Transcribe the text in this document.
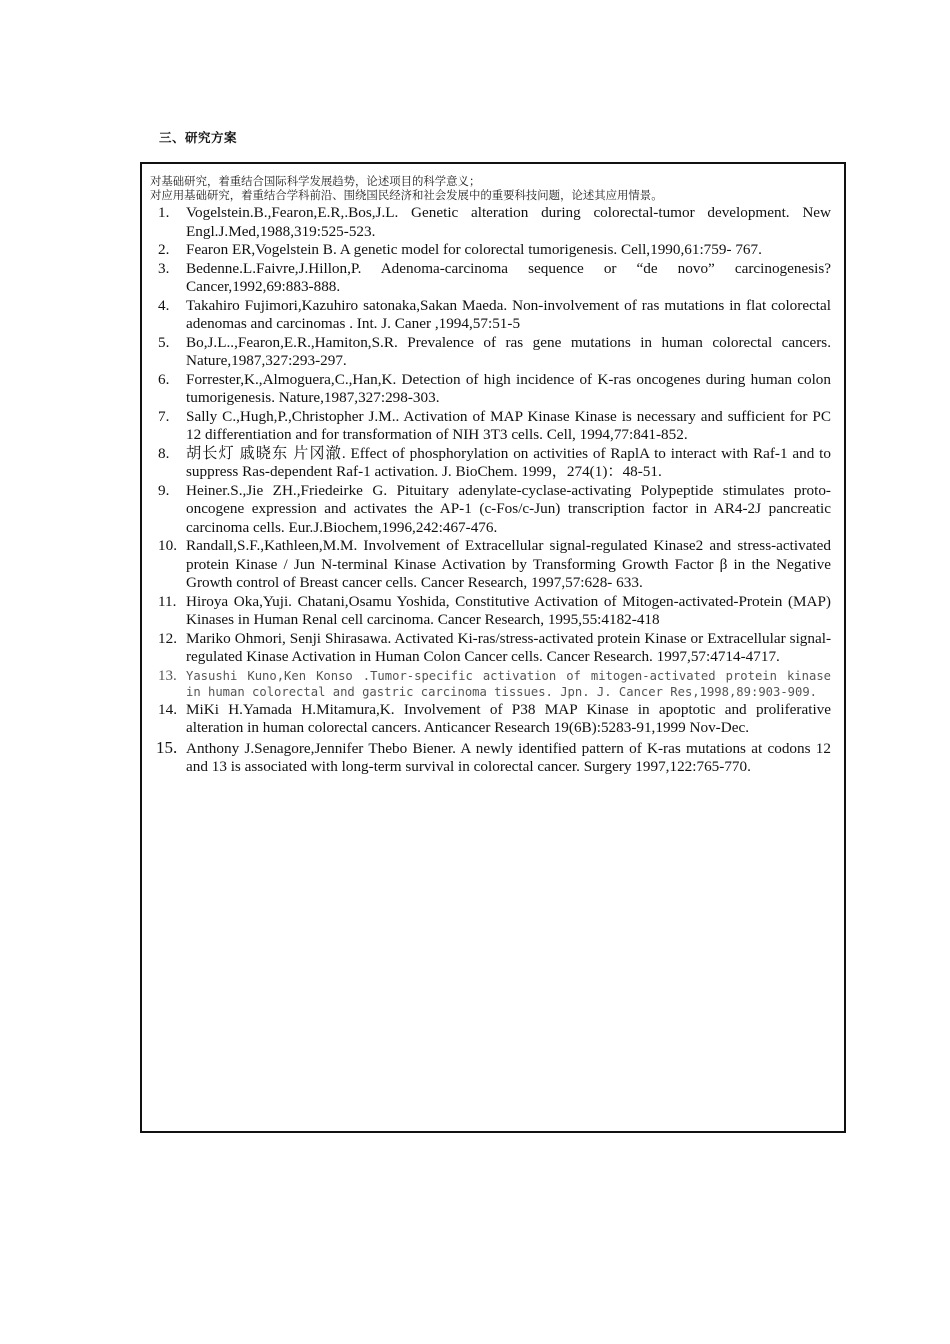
三、研究方案
对基础研究，着重结合国际科学发展趋势，论述项目的科学意义；
对应用基础研究，着重结合学科前沿、围绕国民经济和社会发展中的重要科技问题，论述其应用情景。
1. Vogelstein.B.,Fearon,E.R,.Bos,J.L. Genetic alteration during colorectal-tumor development. New Engl.J.Med,1988,319:525-523.
2. Fearon ER,Vogelstein B. A genetic model for colorectal tumorigenesis. Cell,1990,61:759- 767.
3. Bedenne.L.Faivre,J.Hillon,P. Adenoma-carcinoma sequence or “de novo” carcinogenesis? Cancer,1992,69:883-888.
4. Takahiro Fujimori,Kazuhiro satonaka,Sakan Maeda. Non-involvement of ras mutations in flat colorectal adenomas and carcinomas . Int. J. Caner ,1994,57:51-5
5. Bo,J.L..,Fearon,E.R.,Hamiton,S.R. Prevalence of ras gene mutations in human colorectal cancers. Nature,1987,327:293-297.
6. Forrester,K.,Almoguera,C.,Han,K. Detection of high incidence of K-ras oncogenes during human colon tumorigenesis. Nature,1987,327:298-303.
7. Sally C.,Hugh,P.,Christopher J.M.. Activation of MAP Kinase Kinase is necessary and sufficient for PC 12 differentiation and for transformation of NIH 3T3 cells. Cell, 1994,77:841-852.
8. 胡长灯 戚晓东 片冈澈. Effect of phosphorylation on activities of RaplA to interact with Raf-1 and to suppress Ras-dependent Raf-1 activation. J. BioChem. 1999，274(1)：48-51.
9. Heiner.S.,Jie ZH.,Friedeirke G. Pituitary adenylate-cyclase-activating Polypeptide stimulates proto-oncogene expression and activates the AP-1 (c-Fos/c-Jun) transcription factor in AR4-2J pancreatic carcinoma cells. Eur.J.Biochem,1996,242:467-476.
10. Randall,S.F.,Kathleen,M.M. Involvement of Extracellular signal-regulated Kinase2 and stress-activated protein Kinase / Jun N-terminal Kinase Activation by Transforming Growth Factor β in the Negative Growth control of Breast cancer cells. Cancer Research, 1997,57:628- 633.
11. Hiroya Oka,Yuji. Chatani,Osamu Yoshida, Constitutive Activation of Mitogen-activated-Protein (MAP) Kinases in Human Renal cell carcinoma. Cancer Research, 1995,55:4182-418
12. Mariko Ohmori, Senji Shirasawa. Activated Ki-ras/stress-activated protein Kinase or Extracellular signal-regulated Kinase Activation in Human Colon Cancer cells. Cancer Research. 1997,57:4714-4717.
13. Yasushi Kuno,Ken Konso .Tumor-specific activation of mitogen-activated protein kinase in human colorectal and gastric carcinoma tissues. Jpn. J. Cancer Res,1998,89:903-909.
14. MiKi H.Yamada H.Mitamura,K. Involvement of P38 MAP Kinase in apoptotic and proliferative alteration in human colorectal cancers. Anticancer Research 19(6B):5283-91,1999 Nov-Dec.
15. Anthony J.Senagore,Jennifer Thebo Biener. A newly identified pattern of K-ras mutations at codons 12 and 13 is associated with long-term survival in colorectal cancer. Surgery 1997,122:765-770.
